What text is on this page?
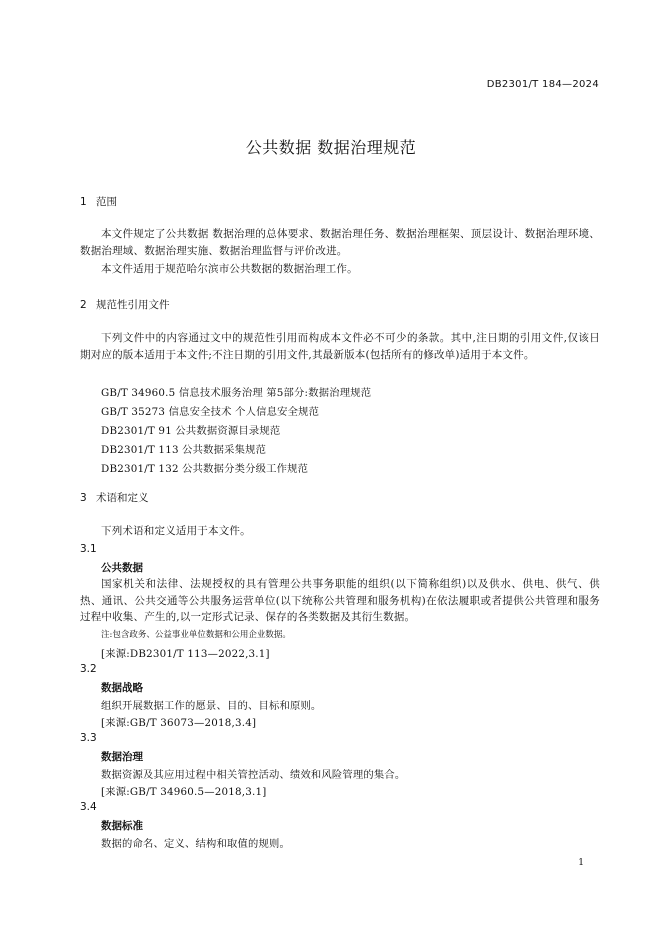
DB2301/T 184—2024
公共数据 数据治理规范
1 范围
本文件规定了公共数据 数据治理的总体要求、数据治理任务、数据治理框架、顶层设计、数据治理环境、数据治理域、数据治理实施、数据治理监督与评价改进。
本文件适用于规范哈尔滨市公共数据的数据治理工作。
2 规范性引用文件
下列文件中的内容通过文中的规范性引用而构成本文件必不可少的条款。其中,注日期的引用文件,仅该日期对应的版本适用于本文件;不注日期的引用文件,其最新版本(包括所有的修改单)适用于本文件。
GB/T 34960.5 信息技术服务治理 第5部分:数据治理规范
GB/T 35273 信息安全技术 个人信息安全规范
DB2301/T 91 公共数据资源目录规范
DB2301/T 113 公共数据采集规范
DB2301/T 132 公共数据分类分级工作规范
3 术语和定义
下列术语和定义适用于本文件。
3.1
公共数据
国家机关和法律、法规授权的具有管理公共事务职能的组织(以下简称组织)以及供水、供电、供气、供热、通讯、公共交通等公共服务运营单位(以下统称公共管理和服务机构)在依法履职或者提供公共管理和服务过程中收集、产生的,以一定形式记录、保存的各类数据及其衍生数据。
注:包含政务、公益事业单位数据和公用企业数据。
[来源:DB2301/T 113—2022,3.1]
3.2
数据战略
组织开展数据工作的愿景、目的、目标和原则。
[来源:GB/T 36073—2018,3.4]
3.3
数据治理
数据资源及其应用过程中相关管控活动、绩效和风险管理的集合。
[来源:GB/T 34960.5—2018,3.1]
3.4
数据标准
数据的命名、定义、结构和取值的规则。
1
